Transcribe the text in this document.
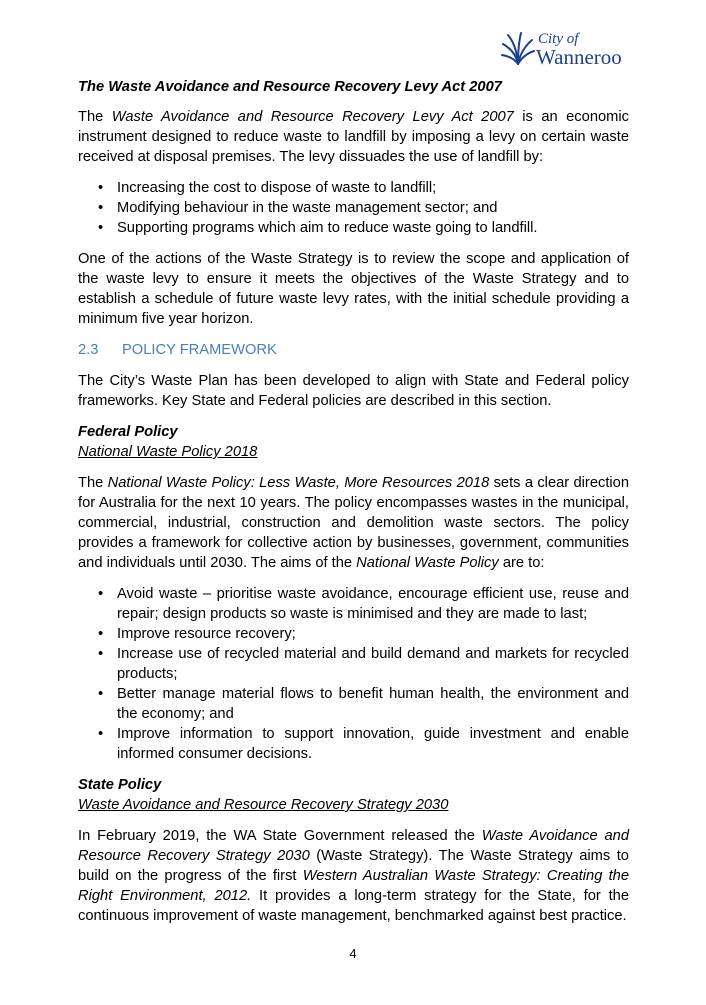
City of
Wanneroo

The Waste Avoidance and Resource Recovery Levy Act 2007

The Waste Avoidance and Resource Recovery Levy Act 2007 is an economic instrument designed to reduce waste to landfill by imposing a levy on certain waste received at disposal premises. The levy dissuades the use of landfill by:

• Increasing the cost to dispose of waste to landfill;
• Modifying behaviour in the waste management sector; and
• Supporting programs which aim to reduce waste going to landfill.

One of the actions of the Waste Strategy is to review the scope and application of the waste levy to ensure it meets the objectives of the Waste Strategy and to establish a schedule of future waste levy rates, with the initial schedule providing a minimum five year horizon.

2.3 POLICY FRAMEWORK

The City’s Waste Plan has been developed to align with State and Federal policy frameworks. Key State and Federal policies are described in this section.

Federal Policy

National Waste Policy 2018

The National Waste Policy: Less Waste, More Resources 2018 sets a clear direction for Australia for the next 10 years. The policy encompasses wastes in the municipal, commercial, industrial, construction and demolition waste sectors. The policy provides a framework for collective action by businesses, government, communities and individuals until 2030. The aims of the National Waste Policy are to:

• Avoid waste – prioritise waste avoidance, encourage efficient use, reuse and repair; design products so waste is minimised and they are made to last;
• Improve resource recovery;
• Increase use of recycled material and build demand and markets for recycled products;
• Better manage material flows to benefit human health, the environment and the economy; and
• Improve information to support innovation, guide investment and enable informed consumer decisions.

State Policy

Waste Avoidance and Resource Recovery Strategy 2030

In February 2019, the WA State Government released the Waste Avoidance and Resource Recovery Strategy 2030 (Waste Strategy). The Waste Strategy aims to build on the progress of the first Western Australian Waste Strategy: Creating the Right Environment, 2012. It provides a long-term strategy for the State, for the continuous improvement of waste management, benchmarked against best practice.

4
